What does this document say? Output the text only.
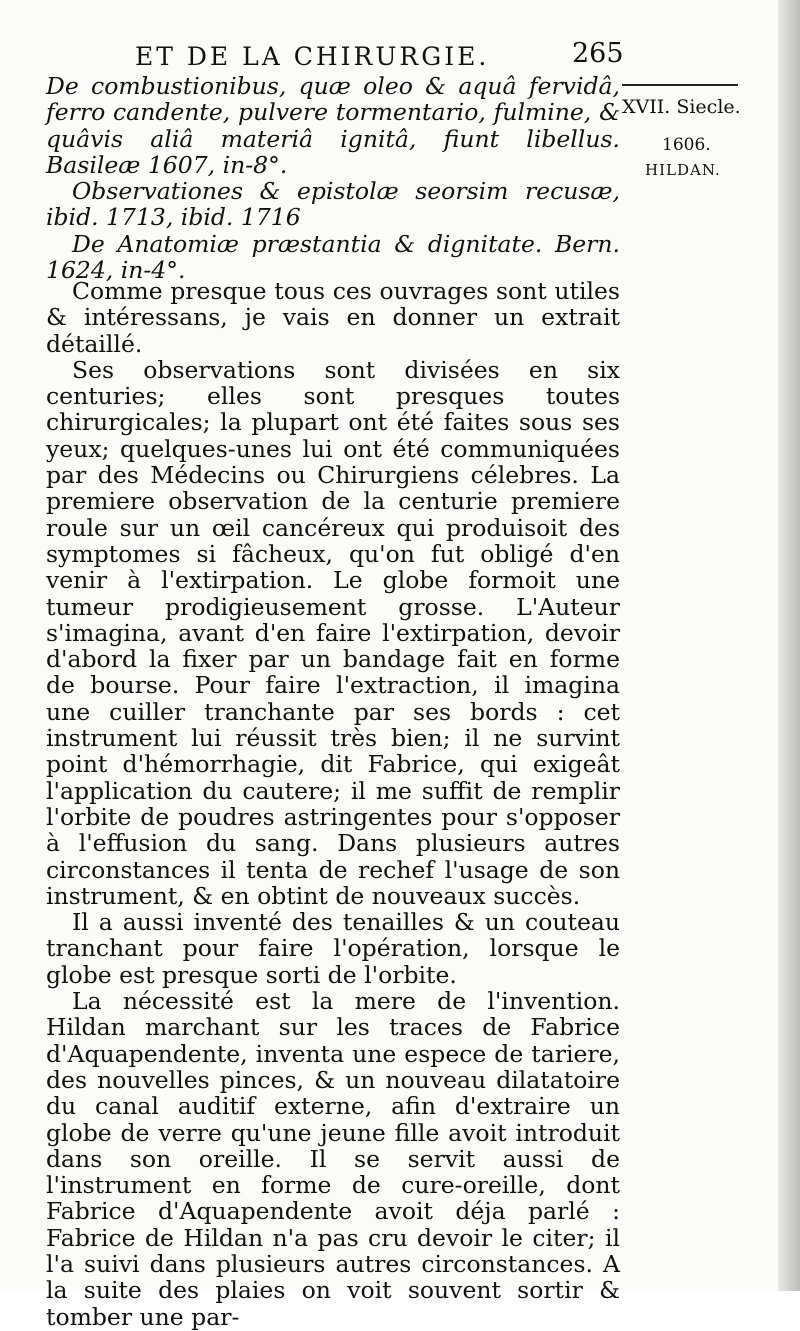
ET DE LA CHIRURGIE.	265
XVII. Siecle.
1606.
HILDAN.

De combustionibus, quæ oleo & aquâ fervidâ, ferro candente, pulvere tormentario, fulmine, & quâvis aliâ materiâ ignitâ, fiunt libellus. Basileæ 1607, in-8°.

Observationes & epistolæ seorsim recusæ, ibid. 1713, ibid. 1716

De Anatomiæ præstantia & dignitate. Bern. 1624, in-4°.

Comme presque tous ces ouvrages sont utiles & intéressans, je vais en donner un extrait détaillé.

Ses observations sont divisées en six centuries; elles sont presques toutes chirurgicales; la plupart ont été faites sous ses yeux; quelques-unes lui ont été communiquées par des Médecins ou Chirurgiens célebres. La premiere observation de la centurie premiere roule sur un œil cancéreux qui produisoit des symptomes si fâcheux, qu'on fut obligé d'en venir à l'extirpation. Le globe formoit une tumeur prodigieusement grosse. L'Auteur s'imagina, avant d'en faire l'extirpation, devoir d'abord la fixer par un bandage fait en forme de bourse. Pour faire l'extraction, il imagina une cuiller tranchante par ses bords : cet instrument lui réussit très bien; il ne survint point d'hémorrhagie, dit Fabrice, qui exigeât l'application du cautere; il me suffit de remplir l'orbite de poudres astringentes pour s'opposer à l'effusion du sang. Dans plusieurs autres circonstances il tenta de rechef l'usage de son instrument, & en obtint de nouveaux succès.

Il a aussi inventé des tenailles & un couteau tranchant pour faire l'opération, lorsque le globe est presque sorti de l'orbite.

La nécessité est la mere de l'invention. Hildan marchant sur les traces de Fabrice d'Aquapendente, inventa une espece de tariere, des nouvelles pinces, & un nouveau dilatatoire du canal auditif externe, afin d'extraire un globe de verre qu'une jeune fille avoit introduit dans son oreille. Il se servit aussi de l'instrument en forme de cure-oreille, dont Fabrice d'Aquapendente avoit déja parlé : Fabrice de Hildan n'a pas cru devoir le citer; il l'a suivi dans plusieurs autres circonstances. A la suite des plaies on voit souvent sortir & tomber une par-
